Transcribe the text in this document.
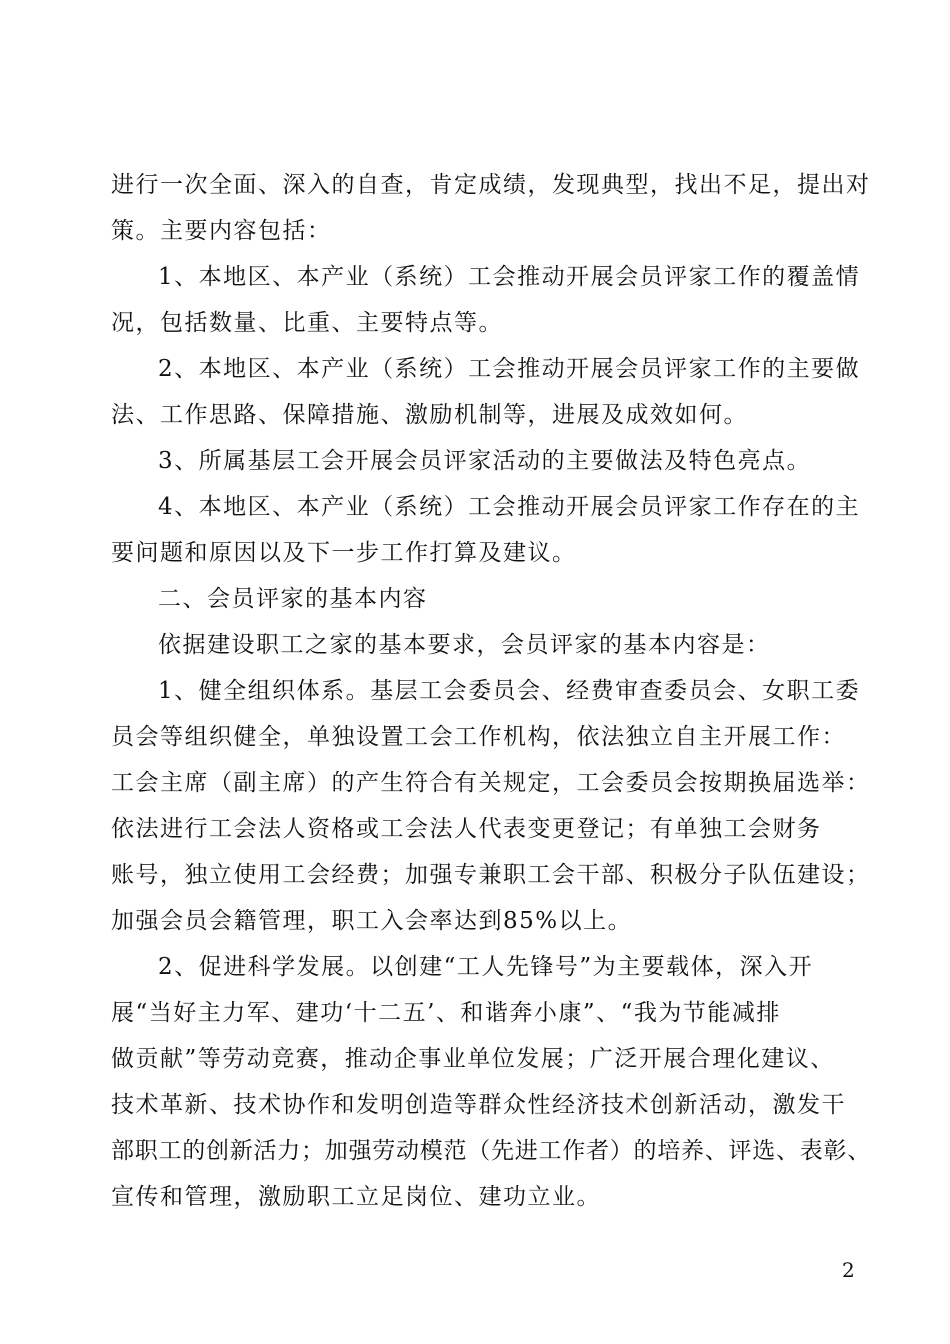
进行一次全面、深入的自查，肯定成绩，发现典型，找出不足，提出对
策。主要内容包括：
1、本地区、本产业（系统）工会推动开展会员评家工作的覆盖情
况，包括数量、比重、主要特点等。
2、本地区、本产业（系统）工会推动开展会员评家工作的主要做
法、工作思路、保障措施、激励机制等，进展及成效如何。
3、所属基层工会开展会员评家活动的主要做法及特色亮点。
4、本地区、本产业（系统）工会推动开展会员评家工作存在的主
要问题和原因以及下一步工作打算及建议。
二、会员评家的基本内容
依据建设职工之家的基本要求，会员评家的基本内容是：
1、健全组织体系。基层工会委员会、经费审查委员会、女职工委
员会等组织健全，单独设置工会工作机构，依法独立自主开展工作：
工会主席（副主席）的产生符合有关规定，工会委员会按期换届选举：
依法进行工会法人资格或工会法人代表变更登记；有单独工会财务
账号，独立使用工会经费；加强专兼职工会干部、积极分子队伍建设；
加强会员会籍管理，职工入会率达到85%以上。
2、促进科学发展。以创建“工人先锋号”为主要载体，深入开
展“当好主力军、建功‘十二五’、和谐奔小康”、“我为节能减排
做贡献”等劳动竞赛，推动企事业单位发展；广泛开展合理化建议、
技术革新、技术协作和发明创造等群众性经济技术创新活动，激发干
部职工的创新活力；加强劳动模范（先进工作者）的培养、评选、表彰、
宣传和管理，激励职工立足岗位、建功立业。
2
